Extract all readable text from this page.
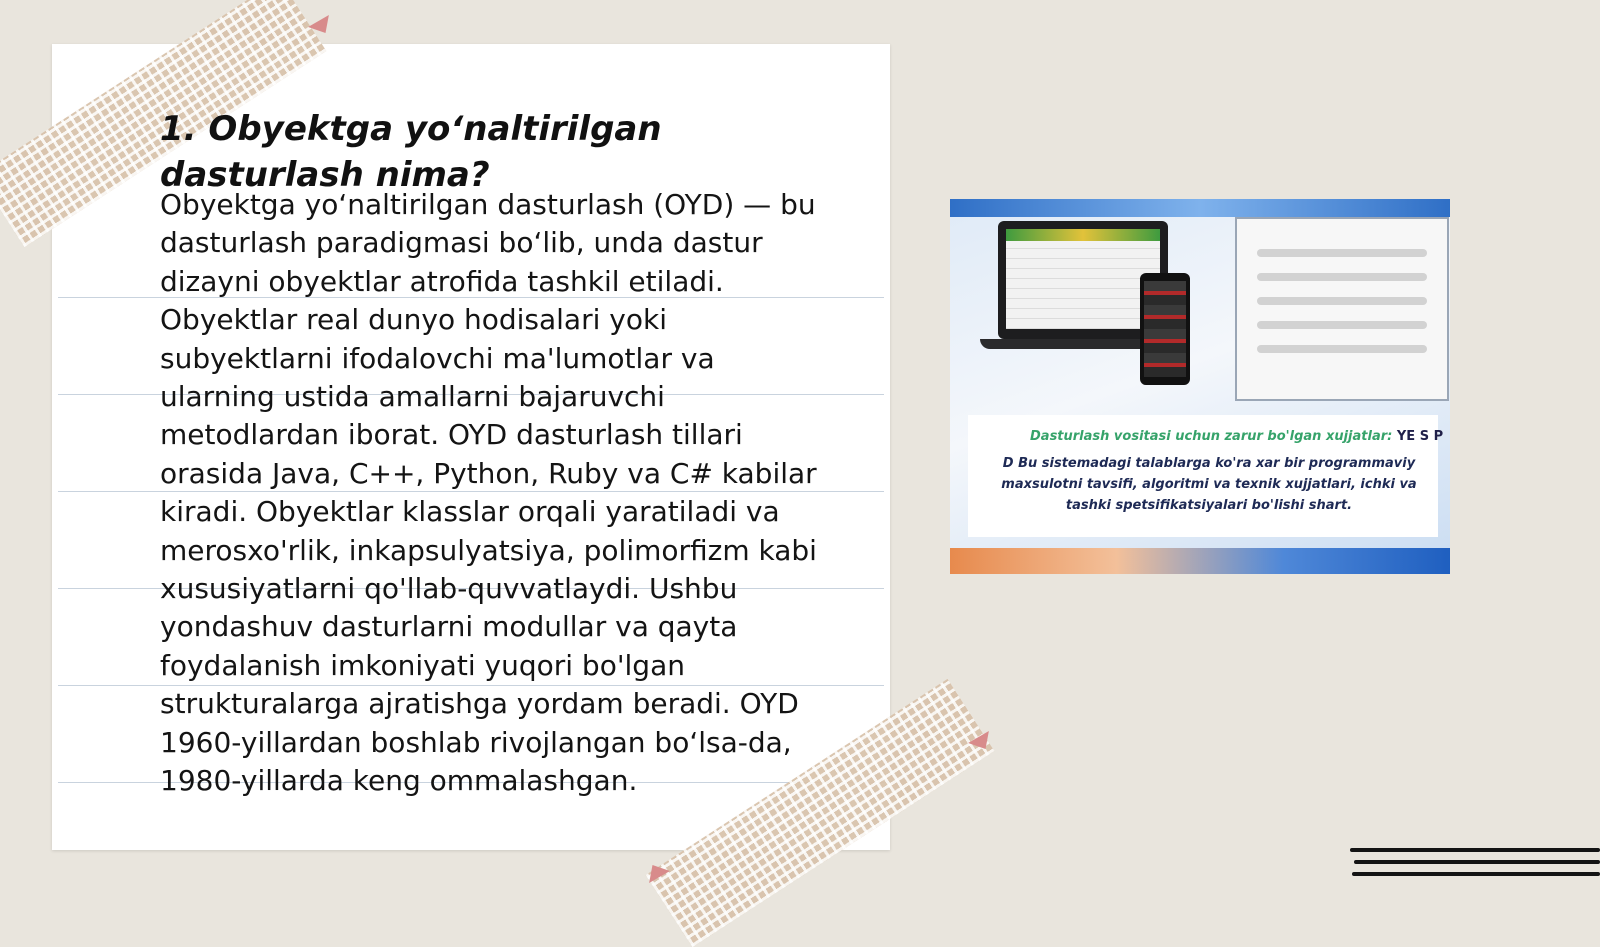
1. Obyektga yo‘naltirilgan dasturlash nima?

Obyektga yo‘naltirilgan dasturlash (OYD) — bu dasturlash paradigmasi bo‘lib, unda dastur dizayni obyektlar atrofida tashkil etiladi. Obyektlar real dunyo hodisalari yoki subyektlarni ifodalovchi ma'lumotlar va ularning ustida amallarni bajaruvchi metodlardan iborat. OYD dasturlash tillari orasida Java, C++, Python, Ruby va C# kabilar kiradi. Obyektlar klasslar orqali yaratiladi va merosxo'rlik, inkapsulyatsiya, polimorfizm kabi xususiyatlarni qo'llab-quvvatlaydi. Ushbu yondashuv dasturlarni modullar va qayta foydalanish imkoniyati yuqori bo'lgan strukturalarga ajratishga yordam beradi. OYD 1960-yillardan boshlab rivojlangan bo‘lsa-da, 1980-yillarda keng ommalashgan.

Dasturlash vositasi uchun zarur bo'lgan xujjatlar: YE S P

D Bu sistemadagi talablarga ko'ra xar bir programmaviy maxsulotni tavsifi, algoritmi va texnik xujjatlari, ichki va tashki spetsifikatsiyalari bo'lishi shart.
